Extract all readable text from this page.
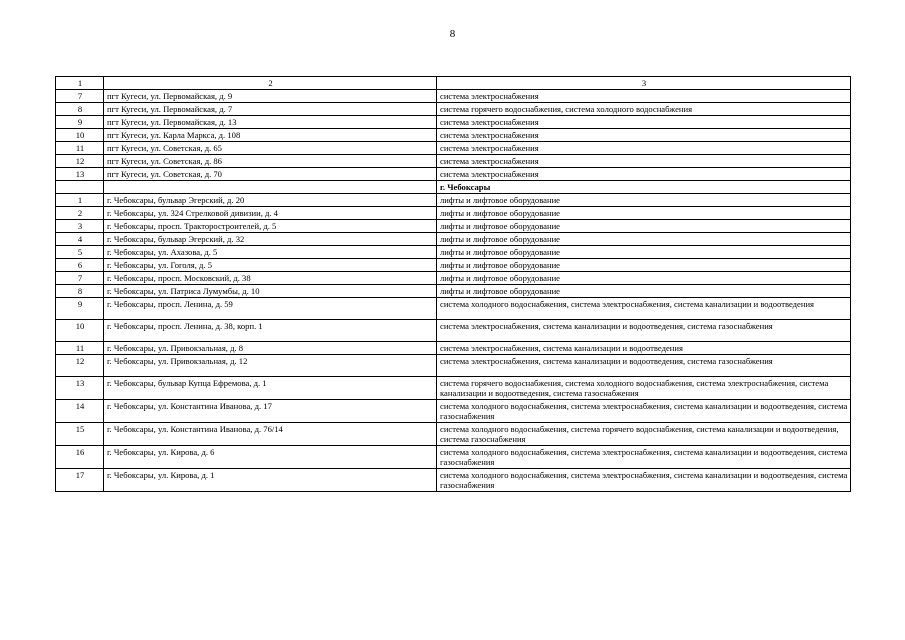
8
1	2	3
7	пгт Кугеси, ул. Первомайская, д. 9	система электроснабжения
8	пгт Кугеси, ул. Первомайская, д. 7	система горячего водоснабжения, система холодного водоснабжения
9	пгт Кугеси, ул. Первомайская, д. 13	система электроснабжения
10	пгт Кугеси, ул. Карла Маркса, д. 108	система электроснабжения
11	пгт Кугеси, ул. Советская, д. 65	система электроснабжения
12	пгт Кугеси, ул. Советская, д. 86	система электроснабжения
13	пгт Кугеси, ул. Советская, д. 70	система электроснабжения
		г. Чебоксары
1	г. Чебоксары, бульвар Эгерский, д. 20	лифты и лифтовое оборудование
2	г. Чебоксары, ул. 324 Стрелковой дивизии, д. 4	лифты и лифтовое оборудование
3	г. Чебоксары, просп. Тракторостроителей, д. 5	лифты и лифтовое оборудование
4	г. Чебоксары, бульвар Эгерский, д. 32	лифты и лифтовое оборудование
5	г. Чебоксары, ул. Ахазова, д. 5	лифты и лифтовое оборудование
6	г. Чебоксары, ул. Гоголя, д. 5	лифты и лифтовое оборудование
7	г. Чебоксары, просп. Московский, д. 38	лифты и лифтовое оборудование
8	г. Чебоксары, ул. Патриса Лумумбы, д. 10	лифты и лифтовое оборудование
9	г. Чебоксары, просп. Ленина, д. 59	система холодного водоснабжения, система электроснабжения, система канализации и водоотведения
10	г. Чебоксары, просп. Ленина, д. 38, корп. 1	система электроснабжения, система канализации и водоотведения, система газоснабжения
11	г. Чебоксары, ул. Привокзальная, д. 8	система электроснабжения, система канализации и водоотведения
12	г. Чебоксары, ул. Привокзальная, д. 12	система электроснабжения, система канализации и водоотведения, система газоснабжения
13	г. Чебоксары, бульвар Купца Ефремова, д. 1	система горячего водоснабжения, система холодного водоснабжения, система электроснабжения, система канализации и водоотведения, система газоснабжения
14	г. Чебоксары, ул. Константина Иванова, д. 17	система холодного водоснабжения, система электроснабжения, система канализации и водоотведения, система газоснабжения
15	г. Чебоксары, ул. Константина Иванова, д. 76/14	система холодного водоснабжения, система горячего водоснабжения, система канализации и водоотведения, система газоснабжения
16	г. Чебоксары, ул. Кирова, д. 6	система холодного водоснабжения, система электроснабжения, система канализации и водоотведения, система газоснабжения
17	г. Чебоксары, ул. Кирова, д. 1	система холодного водоснабжения, система электроснабжения, система канализации и водоотведения, система газоснабжения
